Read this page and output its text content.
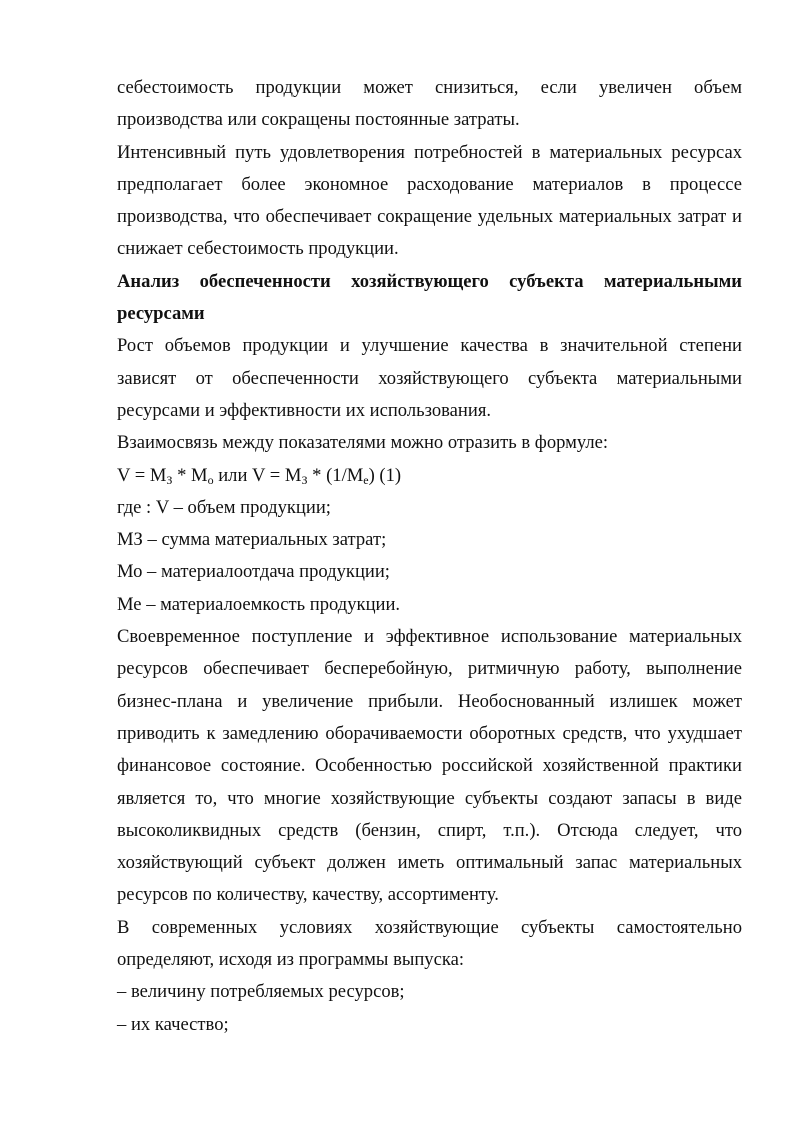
себестоимость продукции может снизиться, если увеличен объем производства или сокращены постоянные затраты.

Интенсивный путь удовлетворения потребностей в материальных ресурсах предполагает более экономное расходование материалов в процессе производства, что обеспечивает сокращение удельных материальных затрат и снижает себестоимость продукции.

Анализ обеспеченности хозяйствующего субъекта материальными ресурсами

Рост объемов продукции и улучшение качества в значительной степени зависят от обеспеченности хозяйствующего субъекта материальными ресурсами и эффективности их использования.

Взаимосвязь между показателями можно отразить в формуле:

$V = М_З * М_о$ или $V = М_З * (1/М_е)$ (1)

где : V – объем продукции;

МЗ – сумма материальных затрат;

Мо – материалоотдача продукции;

Ме – материалоемкость продукции.

Своевременное поступление и эффективное использование материальных ресурсов обеспечивает бесперебойную, ритмичную работу, выполнение бизнес-плана и увеличение прибыли. Необоснованный излишек может приводить к замедлению оборачиваемости оборотных средств, что ухудшает финансовое состояние. Особенностью российской хозяйственной практики является то, что многие хозяйствующие субъекты создают запасы в виде высоколиквидных средств (бензин, спирт, т.п.). Отсюда следует, что хозяйствующий субъект должен иметь оптимальный запас материальных ресурсов по количеству, качеству, ассортименту.

В современных условиях хозяйствующие субъекты самостоятельно определяют, исходя из программы выпуска:

– величину потребляемых ресурсов;

– их качество;
